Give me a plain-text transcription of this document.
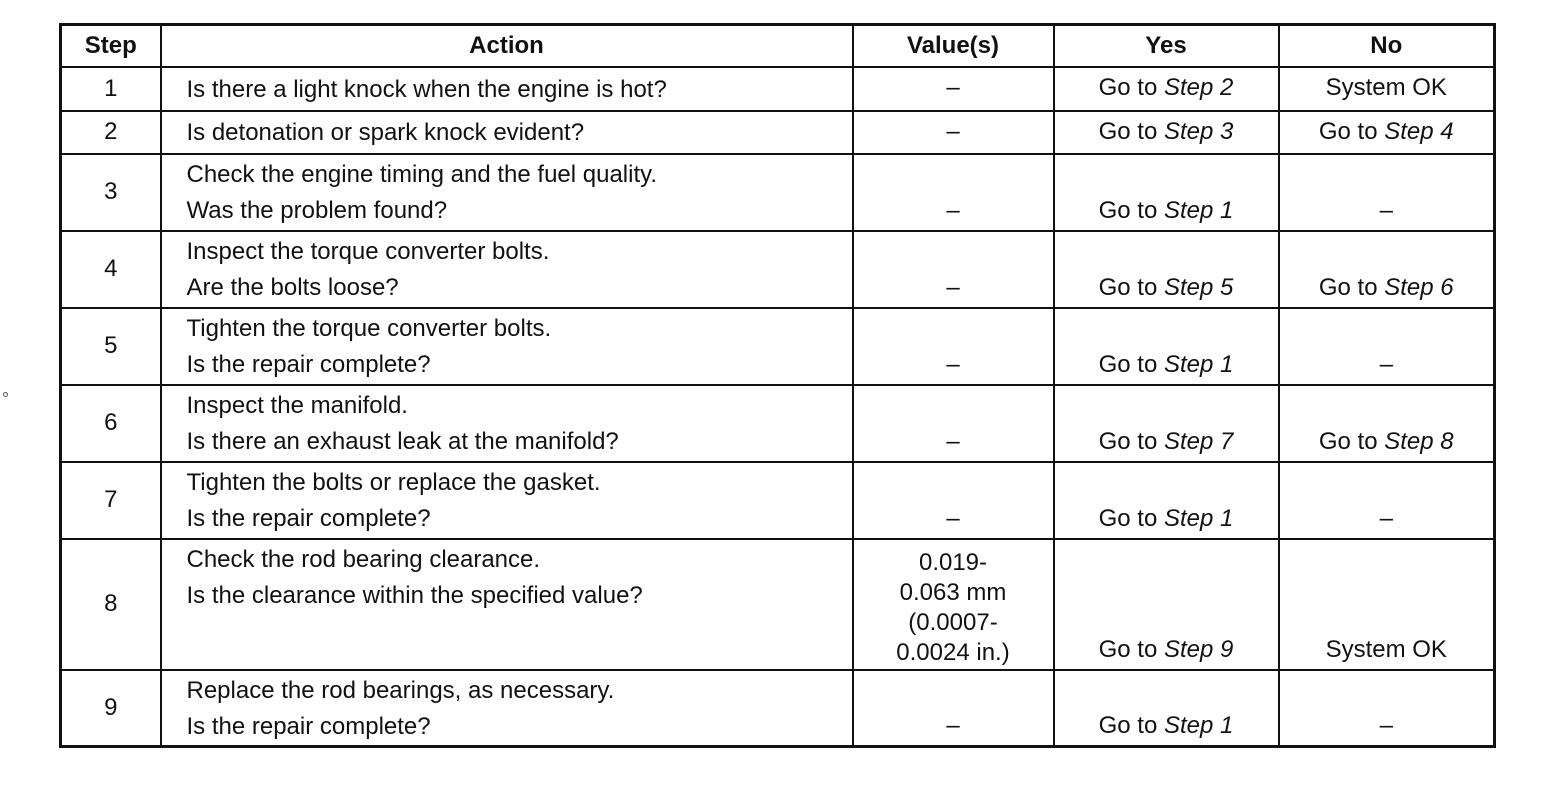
Step	Action	Value(s)	Yes	No
1	Is there a light knock when the engine is hot?	–	Go to Step 2	System OK
2	Is detonation or spark knock evident?	–	Go to Step 3	Go to Step 4
3	Check the engine timing and the fuel quality.
Was the problem found?	–	Go to Step 1	–
4	Inspect the torque converter bolts.
Are the bolts loose?	–	Go to Step 5	Go to Step 6
5	Tighten the torque converter bolts.
Is the repair complete?	–	Go to Step 1	–
6	Inspect the manifold.
Is there an exhaust leak at the manifold?	–	Go to Step 7	Go to Step 8
7	Tighten the bolts or replace the gasket.
Is the repair complete?	–	Go to Step 1	–
8	Check the rod bearing clearance.
Is the clearance within the specified value?	0.019-
0.063 mm
(0.0007-
0.0024 in.)	Go to Step 9	System OK
9	Replace the rod bearings, as necessary.
Is the repair complete?	–	Go to Step 1	–
